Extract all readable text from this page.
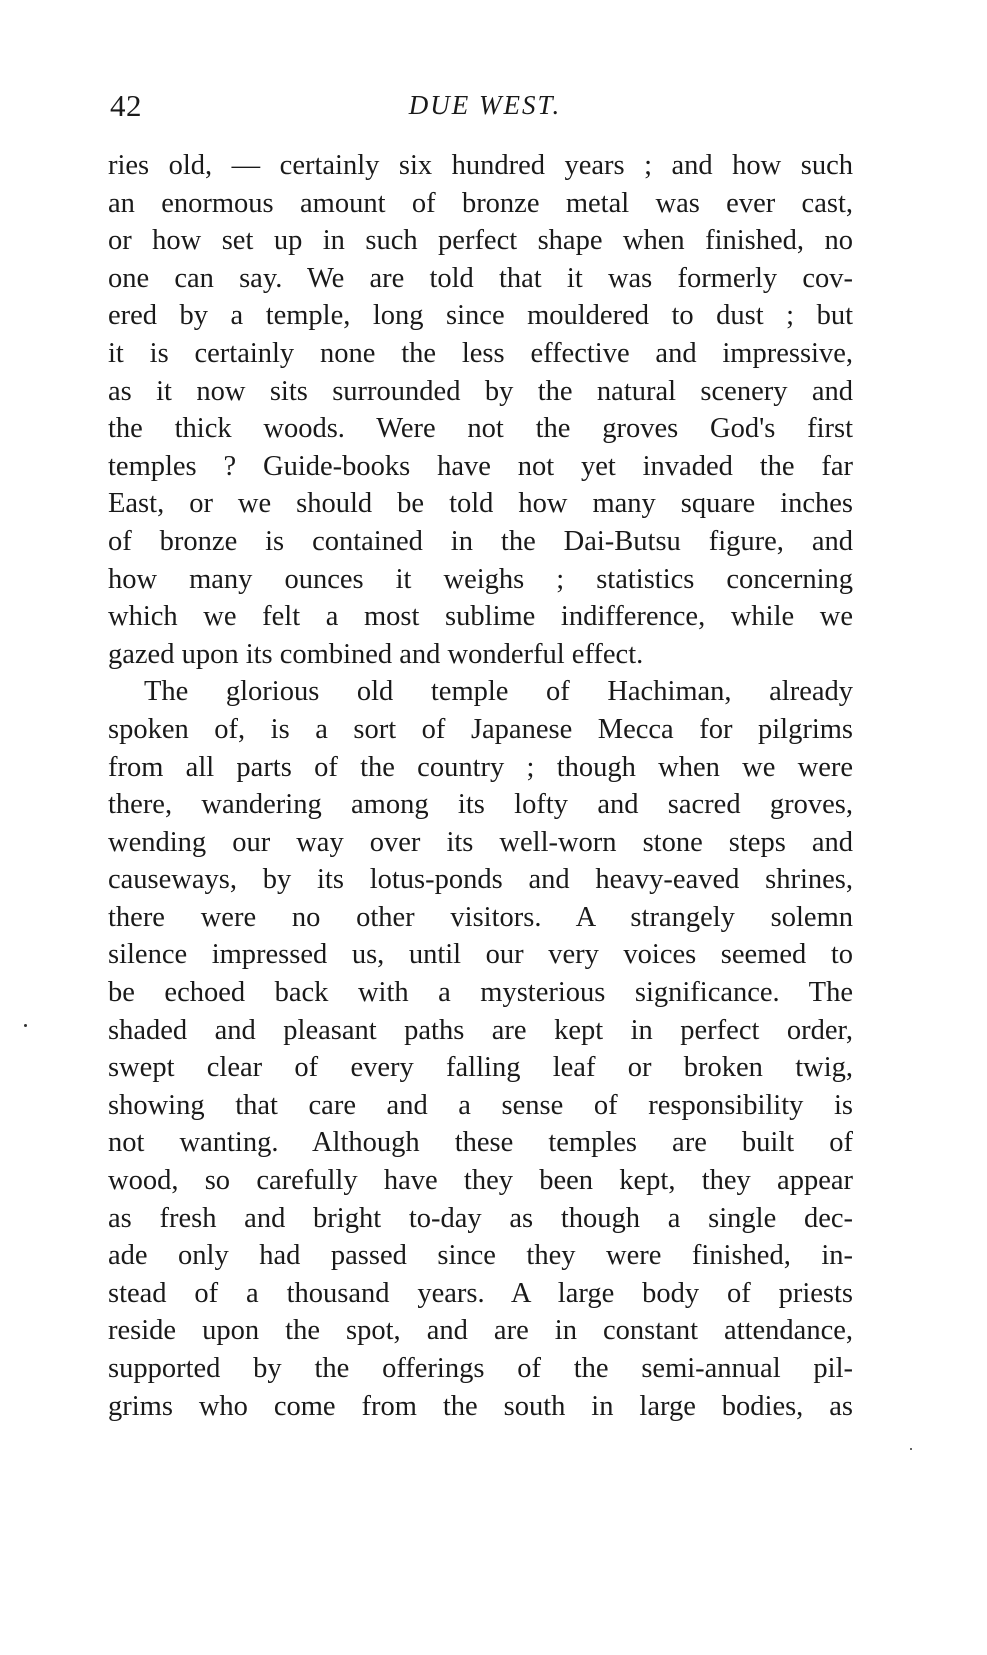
42	DUE WEST.
ries old, — certainly six hundred years ; and how such
an enormous amount of bronze metal was ever cast,
or how set up in such perfect shape when finished, no
one can say. We are told that it was formerly cov-
ered by a temple, long since mouldered to dust ; but
it is certainly none the less effective and impressive,
as it now sits surrounded by the natural scenery and
the thick woods. Were not the groves God's first
temples ? Guide-books have not yet invaded the far
East, or we should be told how many square inches
of bronze is contained in the Dai-Butsu figure, and
how many ounces it weighs ; statistics concerning
which we felt a most sublime indifference, while we
gazed upon its combined and wonderful effect.
The glorious old temple of Hachiman, already
spoken of, is a sort of Japanese Mecca for pilgrims
from all parts of the country ; though when we were
there, wandering among its lofty and sacred groves,
wending our way over its well-worn stone steps and
causeways, by its lotus-ponds and heavy-eaved shrines,
there were no other visitors. A strangely solemn
silence impressed us, until our very voices seemed to
be echoed back with a mysterious significance. The
shaded and pleasant paths are kept in perfect order,
swept clear of every falling leaf or broken twig,
showing that care and a sense of responsibility is
not wanting. Although these temples are built of
wood, so carefully have they been kept, they appear
as fresh and bright to-day as though a single dec-
ade only had passed since they were finished, in-
stead of a thousand years. A large body of priests
reside upon the spot, and are in constant attendance,
supported by the offerings of the semi-annual pil-
grims who come from the south in large bodies, as
